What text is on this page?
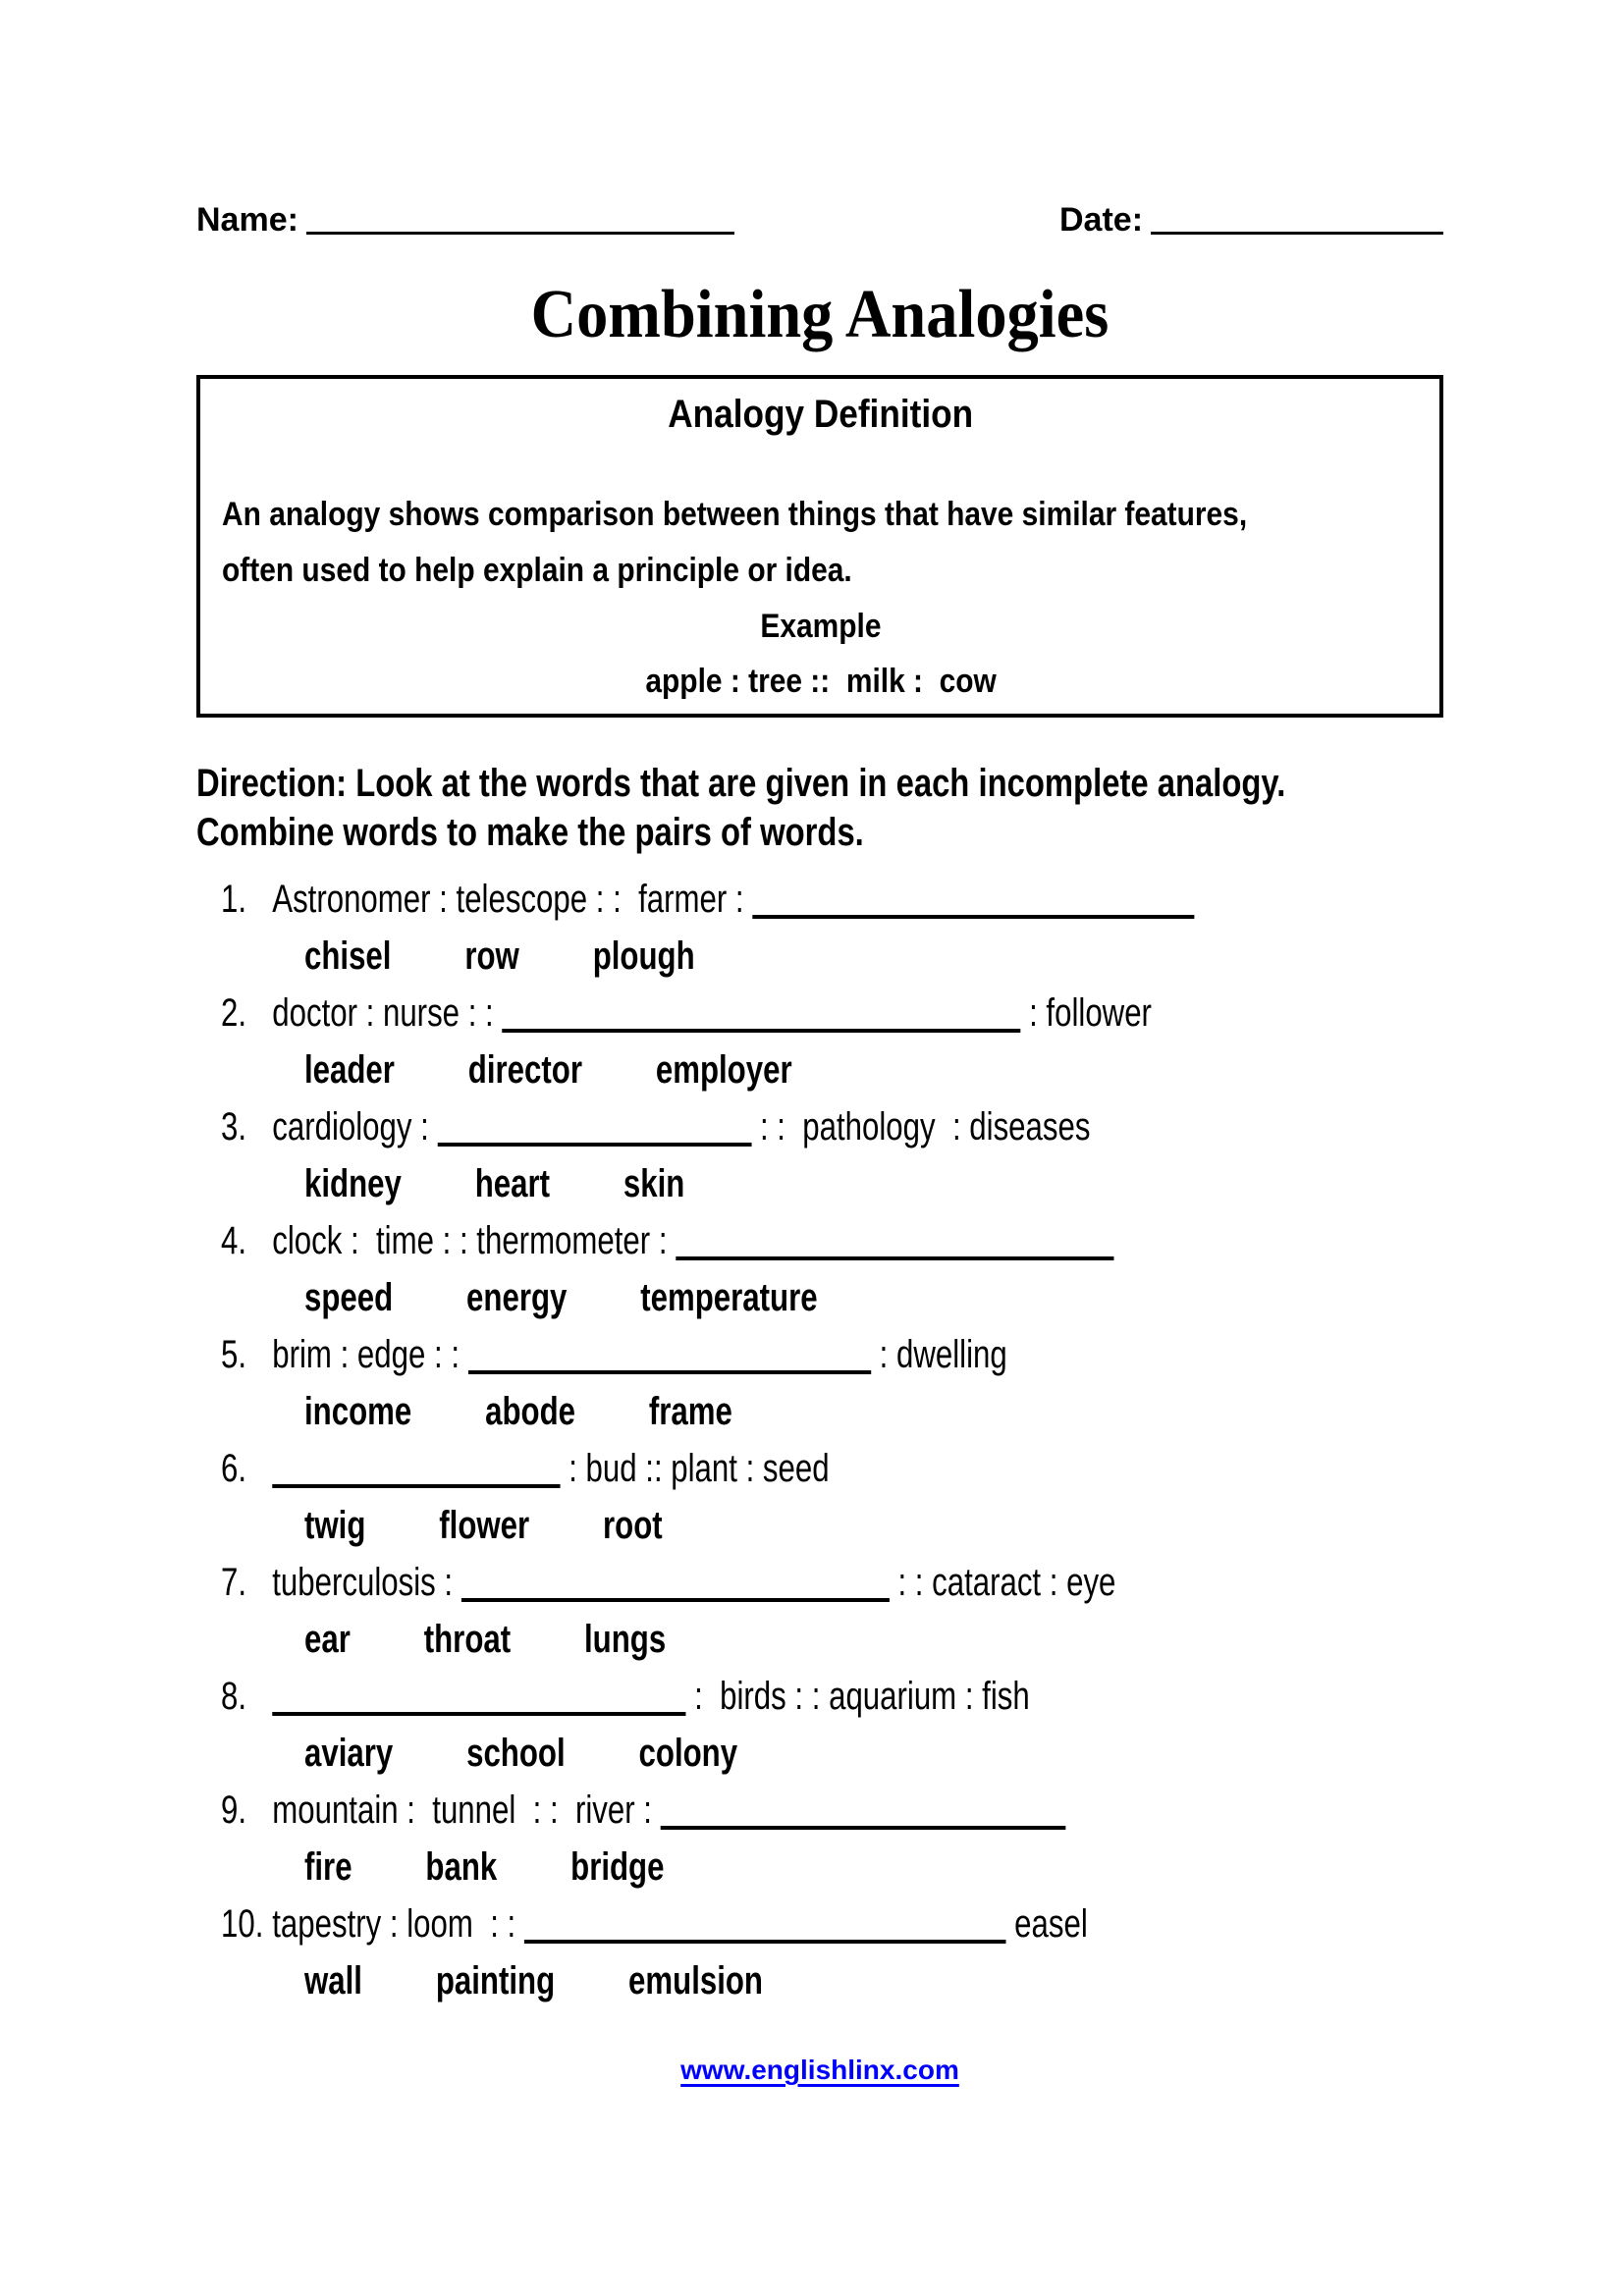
Name:	Date:
Combining Analogies
Analogy Definition
An analogy shows comparison between things that have similar features,
often used to help explain a principle or idea.
Example
apple : tree ::  milk :  cow
Direction: Look at the words that are given in each incomplete analogy.
Combine words to make the pairs of words.
1. Astronomer : telescope : :  farmer :
chisel row plough
2. doctor : nurse : :	: follower
leader director employer
3. cardiology :	: :  pathology  : diseases
kidney heart skin
4. clock :  time : : thermometer :
speed energy temperature
5. brim : edge : :	: dwelling
income abode frame
6.	: bud :: plant : seed
twig flower root
7. tuberculosis :	: : cataract : eye
ear throat lungs
8.	:  birds : : aquarium : fish
aviary school colony
9. mountain :  tunnel  : :  river :
fire bank bridge
10. tapestry : loom  : :	easel
wall painting emulsion
www.englishlinx.com
